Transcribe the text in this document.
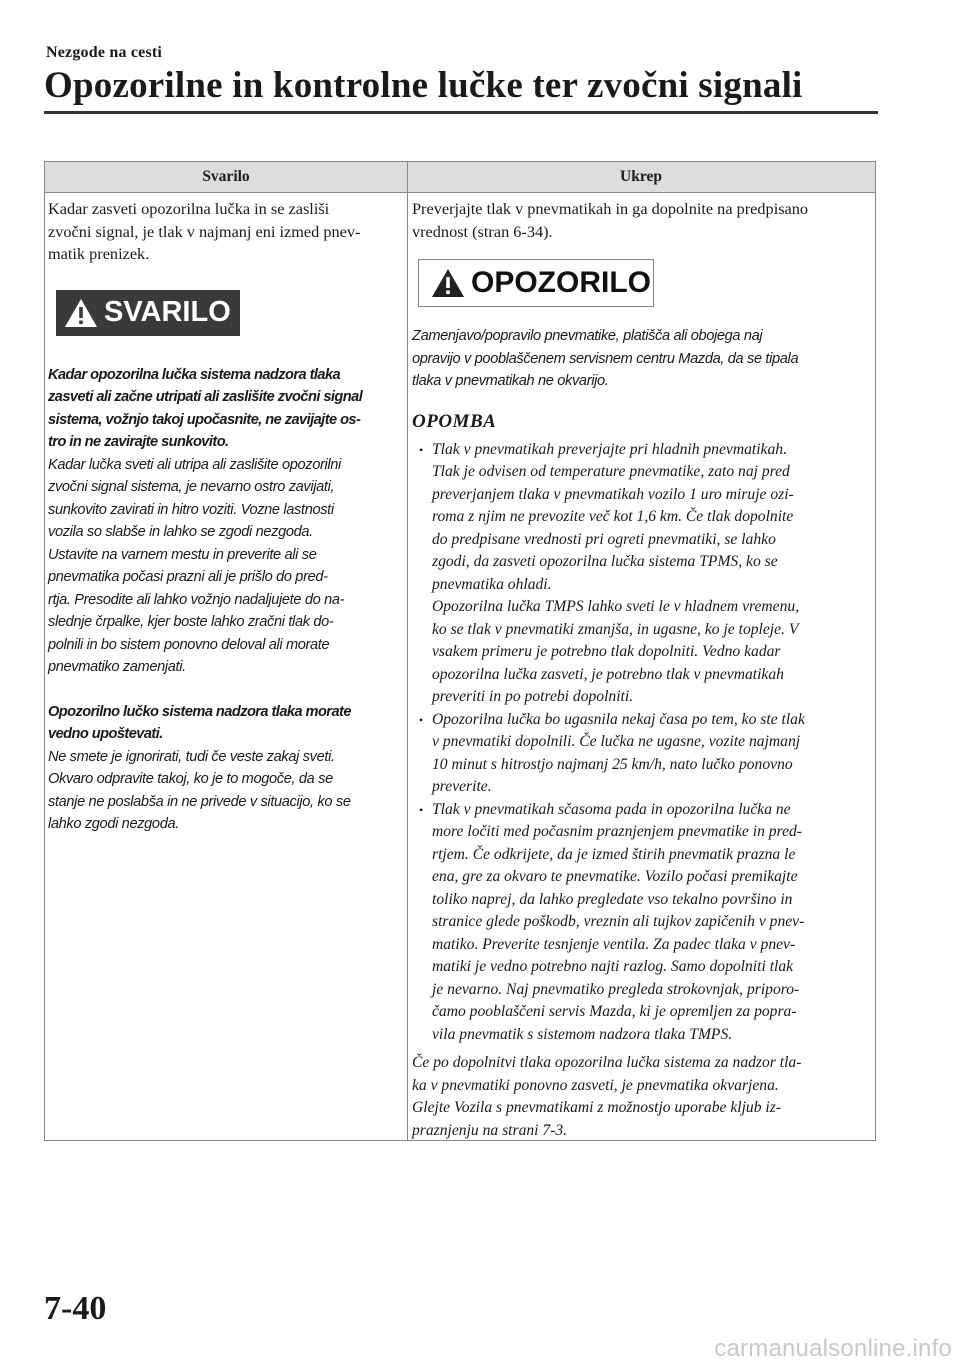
Nezgode na cesti
Opozorilne in kontrolne lučke ter zvočni signali
Svarilo	Ukrep

Kadar zasveti opozorilna lučka in se zasliši
zvočni signal, je tlak v najmanj eni izmed pnev-
matik prenizek.

SVARILO

Kadar opozorilna lučka sistema nadzora tlaka
zasveti ali začne utripati ali zaslišite zvočni signal
sistema, vožnjo takoj upočasnite, ne zavijajte os-
tro in ne zavirajte sunkovito.

Kadar lučka sveti ali utripa ali zaslišite opozorilni
zvočni signal sistema, je nevarno ostro zavijati,
sunkovito zavirati in hitro voziti. Vozne lastnosti
vozila so slabše in lahko se zgodi nezgoda.
Ustavite na varnem mestu in preverite ali se
pnevmatika počasi prazni ali je prišlo do pred-
rtja. Presodite ali lahko vožnjo nadaljujete do na-
slednje črpalke, kjer boste lahko zračni tlak do-
polnili in bo sistem ponovno deloval ali morate
pnevmatiko zamenjati.

Opozorilno lučko sistema nadzora tlaka morate
vedno upoštevati.

Ne smete je ignorirati, tudi če veste zakaj sveti.
Okvaro odpravite takoj, ko je to mogoče, da se
stanje ne poslabša in ne privede v situacijo, ko se
lahko zgodi nezgoda.

Preverjajte tlak v pnevmatikah in ga dopolnite na predpisano
vrednost (stran 6-34).

OPOZORILO

Zamenjavo/popravilo pnevmatike, platišča ali obojega naj
opravijo v pooblaščenem servisnem centru Mazda, da se tipala
tlaka v pnevmatikah ne okvarijo.

OPOMBA
• Tlak v pnevmatikah preverjajte pri hladnih pnevmatikah.
Tlak je odvisen od temperature pnevmatike, zato naj pred
preverjanjem tlaka v pnevmatikah vozilo 1 uro miruje ozi-
roma z njim ne prevozite več kot 1,6 km. Če tlak dopolnite
do predpisane vrednosti pri ogreti pnevmatiki, se lahko
zgodi, da zasveti opozorilna lučka sistema TPMS, ko se
pnevmatika ohladi.
Opozorilna lučka TMPS lahko sveti le v hladnem vremenu,
ko se tlak v pnevmatiki zmanjša, in ugasne, ko je topleje. V
vsakem primeru je potrebno tlak dopolniti. Vedno kadar
opozorilna lučka zasveti, je potrebno tlak v pnevmatikah
preveriti in po potrebi dopolniti.

• Opozorilna lučka bo ugasnila nekaj časa po tem, ko ste tlak
v pnevmatiki dopolnili. Če lučka ne ugasne, vozite najmanj
10 minut s hitrostjo najmanj 25 km/h, nato lučko ponovno
preverite.

• Tlak v pnevmatikah sčasoma pada in opozorilna lučka ne
more ločiti med počasnim praznjenjem pnevmatike in pred-
rtjem. Če odkrijete, da je izmed štirih pnevmatik prazna le
ena, gre za okvaro te pnevmatike. Vozilo počasi premikajte
toliko naprej, da lahko pregledate vso tekalno površino in
stranice glede poškodb, vreznin ali tujkov zapičenih v pnev-
matiko. Preverite tesnjenje ventila. Za padec tlaka v pnev-
matiki je vedno potrebno najti razlog. Samo dopolniti tlak
je nevarno. Naj pnevmatiko pregleda strokovnjak, priporo-
čamo pooblaščeni servis Mazda, ki je opremljen za popra-
vila pnevmatik s sistemom nadzora tlaka TMPS.

Če po dopolnitvi tlaka opozorilna lučka sistema za nadzor tla-
ka v pnevmatiki ponovno zasveti, je pnevmatika okvarjena.
Glejte Vozila s pnevmatikami z možnostjo uporabe kljub iz-
praznjenju na strani 7-3.

7-40
carmanualsonline.info
